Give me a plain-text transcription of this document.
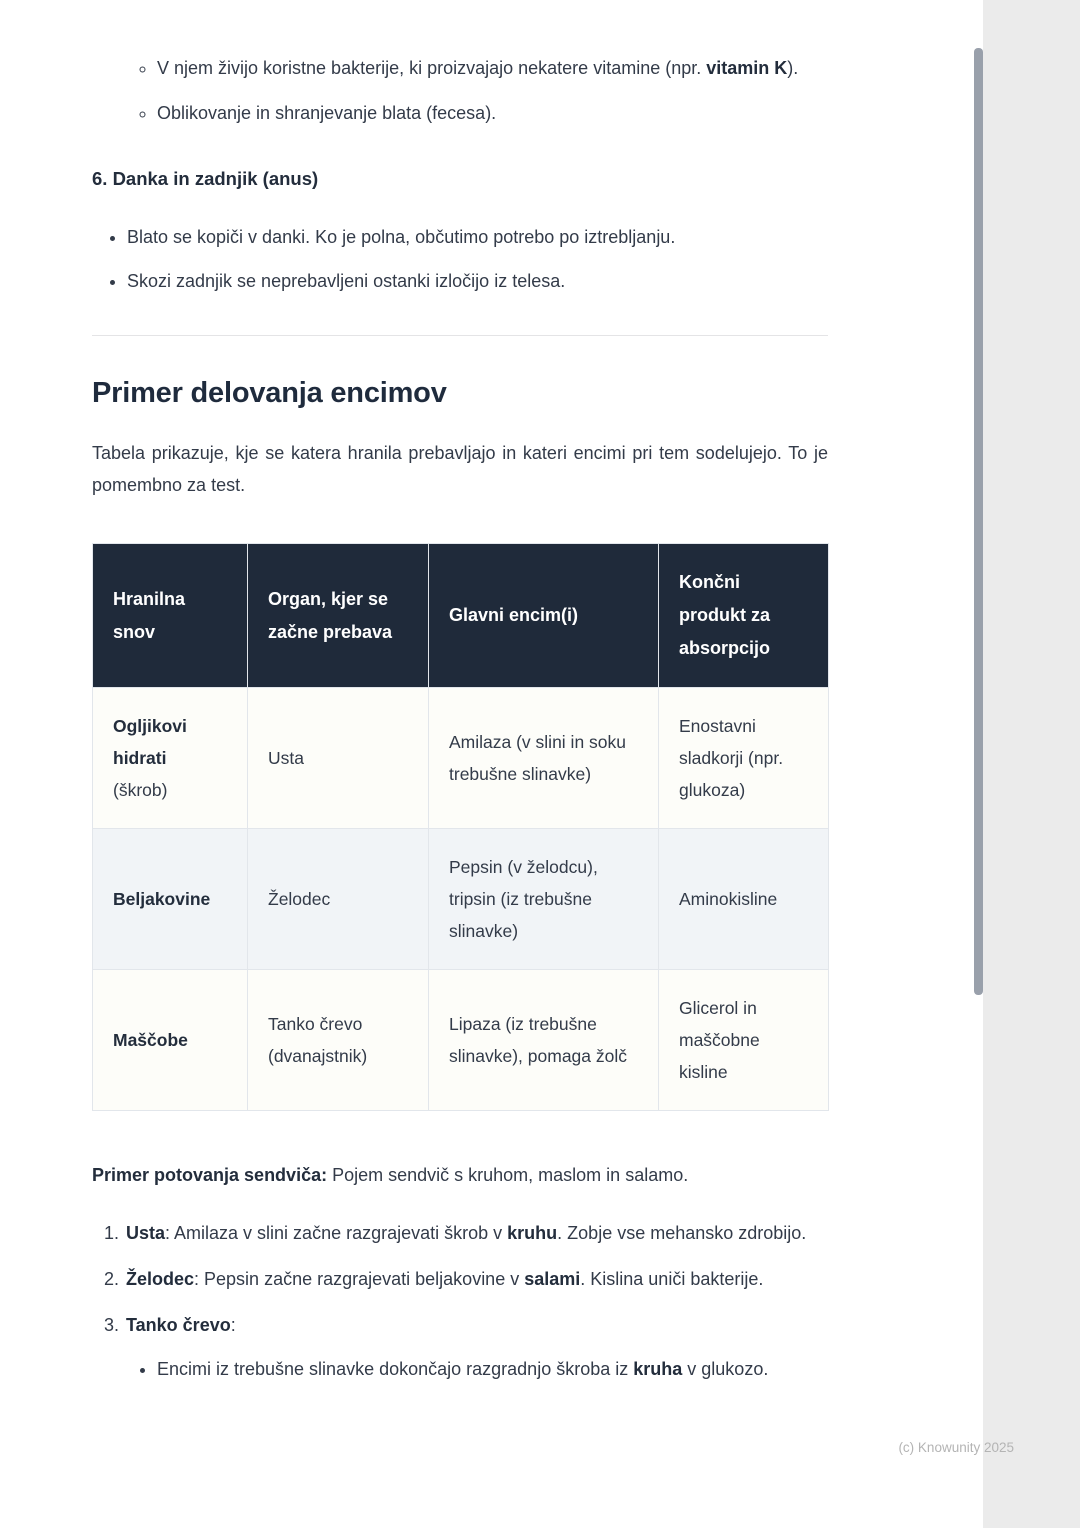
◦ V njem živijo koristne bakterije, ki proizvajajo nekatere vitamine (npr. vitamin K).
◦ Oblikovanje in shranjevanje blata (fecesa).
6. Danka in zadnjik (anus)
• Blato se kopiči v danki. Ko je polna, občutimo potrebo po iztrebljanju.
• Skozi zadnjik se neprebavljeni ostanki izločijo iz telesa.
Primer delovanja encimov

Tabela prikazuje, kje se katera hranila prebavljajo in kateri encimi pri tem sodelujejo. To je pomembno za test.

Hranilna snov	Organ, kjer se začne prebava	Glavni encim(i)	Končni produkt za absorpcijo
Ogljikovi hidrati
(škrob)	Usta	Amilaza (v slini in soku trebušne slinavke)	Enostavni sladkorji (npr. glukoza)
Beljakovine	Želodec	Pepsin (v želodcu), tripsin (iz trebušne slinavke)	Aminokisline
Maščobe	Tanko črevo (dvanajstnik)	Lipaza (iz trebušne slinavke), pomaga žolč	Glicerol in maščobne kisline

Primer potovanja sendviča: Pojem sendvič s kruhom, maslom in salamo.

1. Usta: Amilaza v slini začne razgrajevati škrob v kruhu. Zobje vse mehansko zdrobijo.
2. Želodec: Pepsin začne razgrajevati beljakovine v salami. Kislina uniči bakterije.
3. Tanko črevo:
• Encimi iz trebušne slinavke dokončajo razgradnjo škroba iz kruha v glukozo.
(c) Knowunity 2025
